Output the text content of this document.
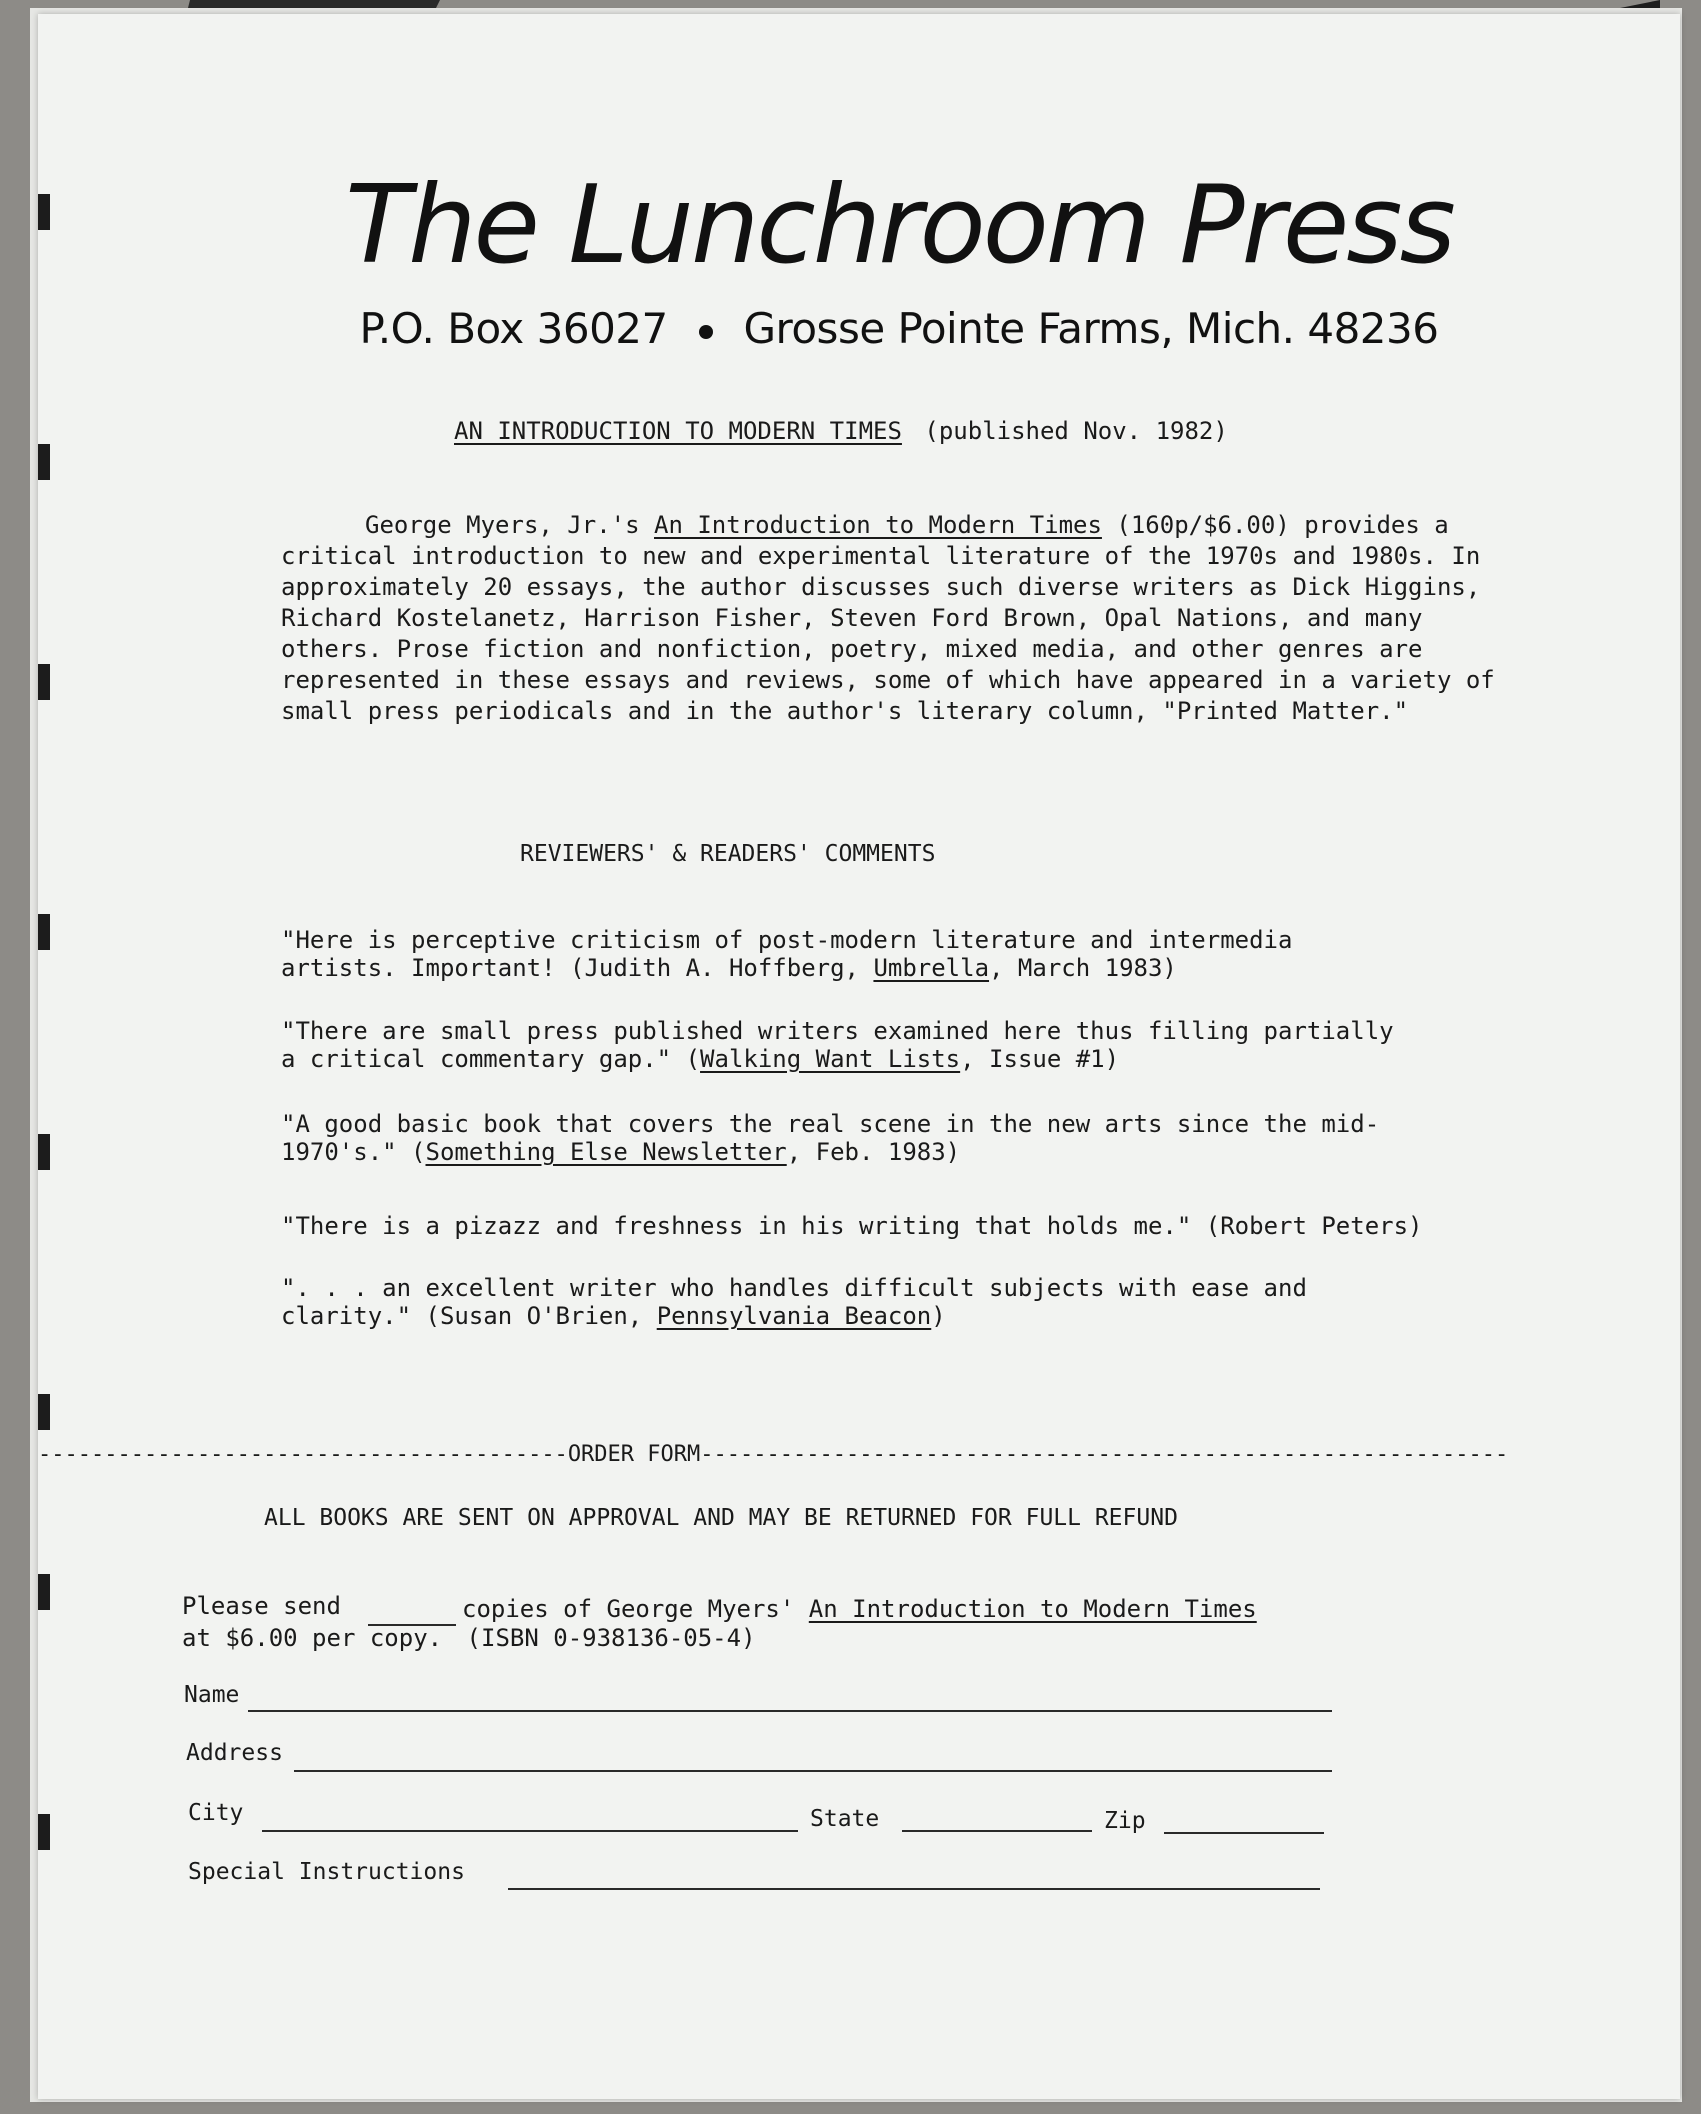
The Lunchroom Press
P.O. Box 36027 Grosse Pointe Farms, Mich. 48236
AN INTRODUCTION TO MODERN TIMES (published Nov. 1982)
George Myers, Jr.'s An Introduction to Modern Times (160p/$6.00) provides a critical introduction to new and experimental literature of the 1970s and 1980s. In approximately 20 essays, the author discusses such diverse writers as Dick Higgins, Richard Kostelanetz, Harrison Fisher, Steven Ford Brown, Opal Nations, and many others. Prose fiction and nonfiction, poetry, mixed media, and other genres are represented in these essays and reviews, some of which have appeared in a variety of small press periodicals and in the author's literary column, "Printed Matter."
REVIEWERS' & READERS' COMMENTS
"Here is perceptive criticism of post-modern literature and intermedia artists. Important! (Judith A. Hoffberg, Umbrella, March 1983)
"There are small press published writers examined here thus filling partially a critical commentary gap." (Walking Want Lists, Issue #1)
"A good basic book that covers the real scene in the new arts since the mid-1970's." (Something Else Newsletter, Feb. 1983)
"There is a pizazz and freshness in his writing that holds me." (Robert Peters)
". . . an excellent writer who handles difficult subjects with ease and clarity." (Susan O'Brien, Pennsylvania Beacon)
----------------------------------------ORDER FORM-------------------------------------------------------------
ALL BOOKS ARE SENT ON APPROVAL AND MAY BE RETURNED FOR FULL REFUND
Please send	copies of George Myers' An Introduction to Modern Times
at $6.00 per copy. (ISBN 0-938136-05-4)
Name
Address
City	State	Zip
Special Instructions
